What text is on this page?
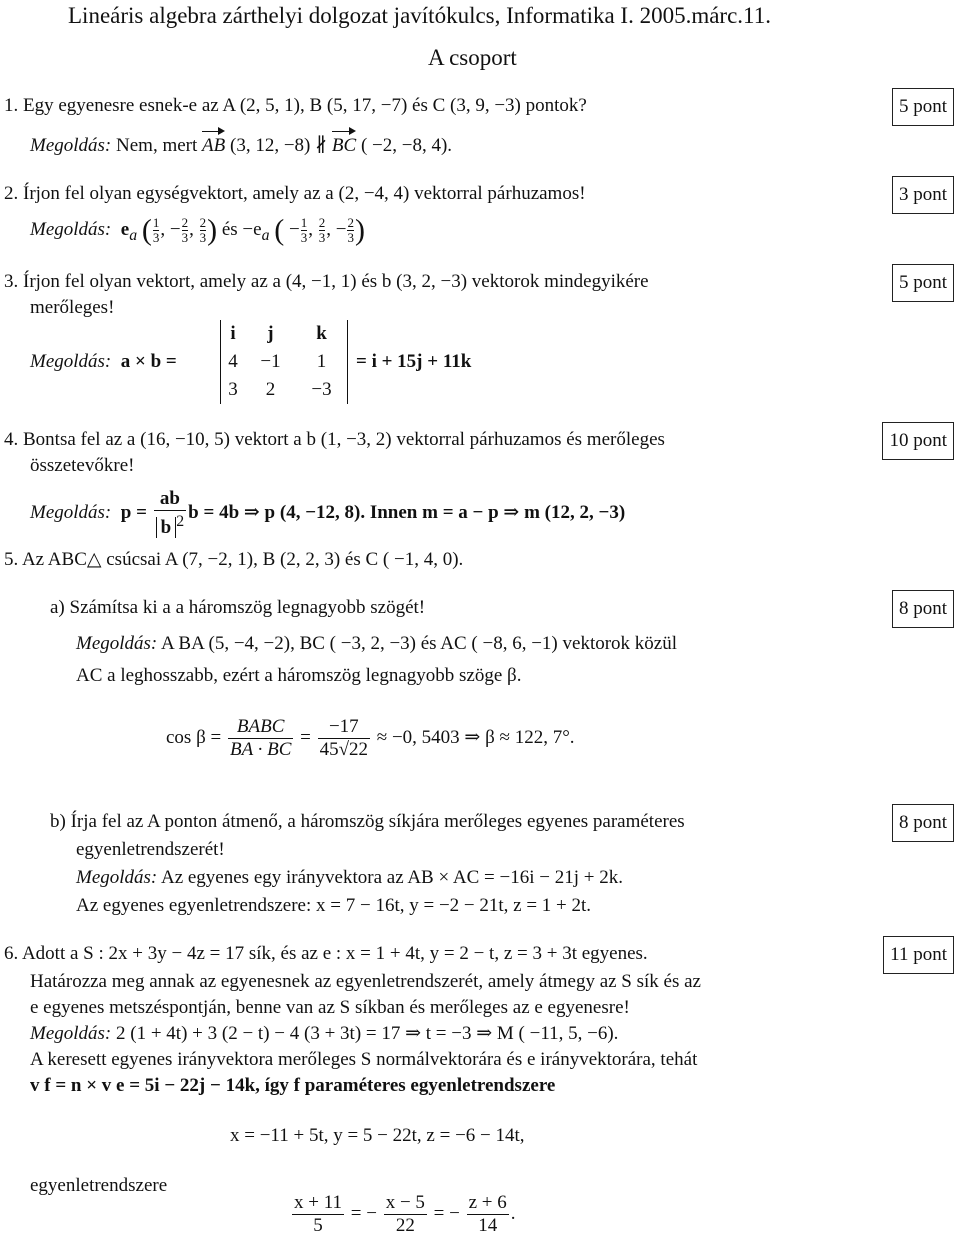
Lineáris algebra zárthelyi dolgozat javítókulcs, Informatika I. 2005.márc.11.
A csoport
1. Egy egyenesre esnek-e az A (2, 5, 1), B (5, 17, −7) és C (3, 9, −3) pontok?	5 pont
Megoldás: Nem, mert AB (3, 12, −8) ∦ BC ( −2, −8, 4).
2. Írjon fel olyan egységvektort, amely az a (2, −4, 4) vektorral párhuzamos!	3 pont
Megoldás: $e_a$ ( $\frac{1}{3}$ , − $\frac{2}{3}$ , $\frac{2}{3}$ ) és $-e_a$ ( − $\frac{1}{3}$ , $\frac{2}{3}$ , − $\frac{2}{3}$ )
3. Írjon fel olyan vektort, amely az a (4, −1, 1) és b (3, 2, −3) vektorok mindegyikére	5 pont
merőleges!
Megoldás: a × b =
i	j	k
4	−1	1
3	2	−3
= i + 15j + 11k
4. Bontsa fel az a (16, −10, 5) vektort a b (1, −3, 2) vektorral párhuzamos és merőleges	10 pont
összetevőkre!
Megoldás: $p = \frac{ab}{b ^2}$ b = 4b ⇒ p (4, −12, 8). Innen m = a − p ⇒ m (12, 2, −3)
5. Az ABC△ csúcsai A (7, −2, 1), B (2, 2, 3) és C ( −1, 4, 0).
a) Számítsa ki a a háromszög legnagyobb szögét!	8 pont
Megoldás: A BA (5, −4, −2), BC ( −3, 2, −3) és AC ( −8, 6, −1) vektorok közül
AC a leghosszabb, ezért a háromszög legnagyobb szöge β.
$\cos \beta = \frac{\text{BABC}}{BA \cdot BC} = \frac{-17}{45√22} \approx -0$, 5403 ⇒ β ≈ 122, 7°.
b) Írja fel az A ponton átmenő, a háromszög síkjára merőleges egyenes paraméteres	8 pont
egyenletrendszerét!
Megoldás: Az egyenes egy irányvektora az AB × AC = −16i − 21j + 2k.
Az egyenes egyenletrendszere: x = 7 − 16t, y = −2 − 21t, z = 1 + 2t.
6. Adott a S : 2x + 3y − 4z = 17 sík, és az e : x = 1 + 4t, y = 2 − t, z = 3 + 3t egyenes.	11 pont
Határozza meg annak az egyenesnek az egyenletrendszerét, amely átmegy az S sík és az
e egyenes metszéspontján, benne van az S síkban és merőleges az e egyenesre!
Megoldás: 2 (1 + 4t) + 3 (2 − t) − 4 (3 + 3t) = 17 ⇒ t = −3 ⇒ M ( −11, 5, −6).
A keresett egyenes irányvektora merőleges S normálvektorára és e irányvektorára, tehát
v f = n × v e = 5i − 22j − 14k, így f paraméteres egyenletrendszere
x = −11 + 5t, y = 5 − 22t, z = −6 − 14t,
egyenletrendszere
$\frac{x + 11}{5}$ = − $\frac{x - 5}{22}$ = − $\frac{z + 6}{14}$ .
